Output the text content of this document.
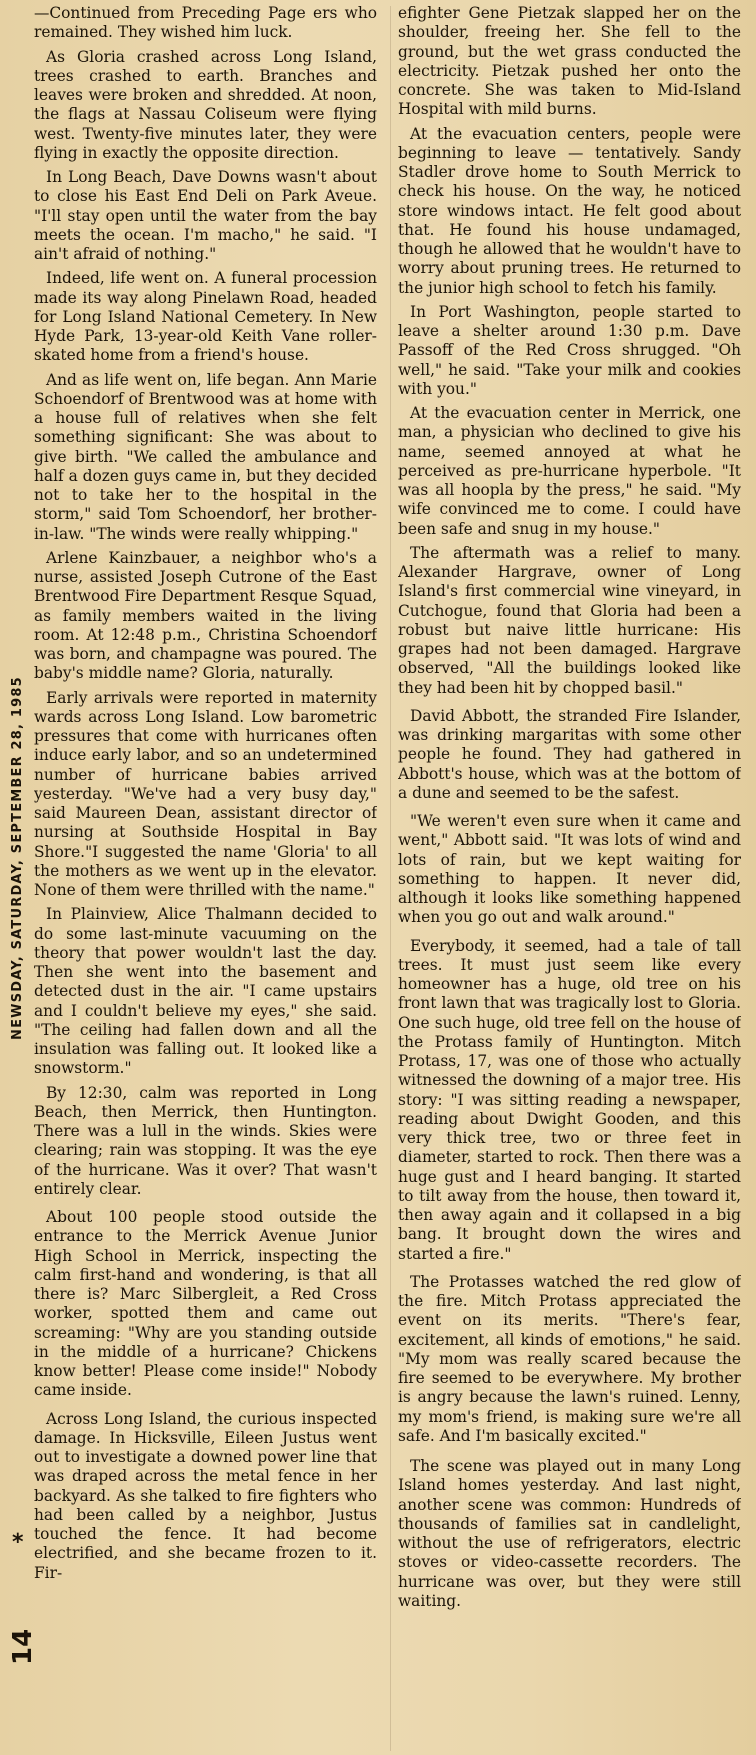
NEWSDAY, SATURDAY, SEPTEMBER 28, 1985
*
14

—Continued from Preceding Page ers who remained. They wished him luck.

As Gloria crashed across Long Island, trees crashed to earth. Branches and leaves were broken and shredded. At noon, the flags at Nassau Coliseum were flying west. Twenty-five minutes later, they were flying in exactly the opposite direction.

In Long Beach, Dave Downs wasn't about to close his East End Deli on Park Aveue. "I'll stay open until the water from the bay meets the ocean. I'm macho," he said. "I ain't afraid of nothing."

Indeed, life went on. A funeral procession made its way along Pinelawn Road, headed for Long Island National Cemetery. In New Hyde Park, 13-year-old Keith Vane roller-skated home from a friend's house.

And as life went on, life began. Ann Marie Schoendorf of Brentwood was at home with a house full of relatives when she felt something significant: She was about to give birth. "We called the ambulance and half a dozen guys came in, but they decided not to take her to the hospital in the storm," said Tom Schoendorf, her brother-in-law. "The winds were really whipping."

Arlene Kainzbauer, a neighbor who's a nurse, assisted Joseph Cutrone of the East Brentwood Fire Department Resque Squad, as family members waited in the living room. At 12:48 p.m., Christina Schoendorf was born, and champagne was poured. The baby's middle name? Gloria, naturally.

Early arrivals were reported in maternity wards across Long Island. Low barometric pressures that come with hurricanes often induce early labor, and so an undetermined number of hurricane babies arrived yesterday. "We've had a very busy day," said Maureen Dean, assistant director of nursing at Southside Hospital in Bay Shore."I suggested the name 'Gloria' to all the mothers as we went up in the elevator. None of them were thrilled with the name."

In Plainview, Alice Thalmann decided to do some last-minute vacuuming on the theory that power wouldn't last the day. Then she went into the basement and detected dust in the air. "I came upstairs and I couldn't believe my eyes," she said. "The ceiling had fallen down and all the insulation was falling out. It looked like a snowstorm."

By 12:30, calm was reported in Long Beach, then Merrick, then Huntington. There was a lull in the winds. Skies were clearing; rain was stopping. It was the eye of the hurricane. Was it over? That wasn't entirely clear.

About 100 people stood outside the entrance to the Merrick Avenue Junior High School in Merrick, inspecting the calm first-hand and wondering, is that all there is? Marc Silbergleit, a Red Cross worker, spotted them and came out screaming: "Why are you standing outside in the middle of a hurricane? Chickens know better! Please come inside!" Nobody came inside.

Across Long Island, the curious inspected damage. In Hicksville, Eileen Justus went out to investigate a downed power line that was draped across the metal fence in her backyard. As she talked to fire fighters who had been called by a neighbor, Justus touched the fence. It had become electrified, and she became frozen to it. Fir-

efighter Gene Pietzak slapped her on the shoulder, freeing her. She fell to the ground, but the wet grass conducted the electricity. Pietzak pushed her onto the concrete. She was taken to Mid-Island Hospital with mild burns.

At the evacuation centers, people were beginning to leave — tentatively. Sandy Stadler drove home to South Merrick to check his house. On the way, he noticed store windows intact. He felt good about that. He found his house undamaged, though he allowed that he wouldn't have to worry about pruning trees. He returned to the junior high school to fetch his family.

In Port Washington, people started to leave a shelter around 1:30 p.m. Dave Passoff of the Red Cross shrugged. "Oh well," he said. "Take your milk and cookies with you."

At the evacuation center in Merrick, one man, a physician who declined to give his name, seemed annoyed at what he perceived as pre-hurricane hyperbole. "It was all hoopla by the press," he said. "My wife convinced me to come. I could have been safe and snug in my house."

The aftermath was a relief to many. Alexander Hargrave, owner of Long Island's first commercial wine vineyard, in Cutchogue, found that Gloria had been a robust but naive little hurricane: His grapes had not been damaged. Hargrave observed, "All the buildings looked like they had been hit by chopped basil."

David Abbott, the stranded Fire Islander, was drinking margaritas with some other people he found. They had gathered in Abbott's house, which was at the bottom of a dune and seemed to be the safest.

"We weren't even sure when it came and went," Abbott said. "It was lots of wind and lots of rain, but we kept waiting for something to happen. It never did, although it looks like something happened when you go out and walk around."

Everybody, it seemed, had a tale of tall trees. It must just seem like every homeowner has a huge, old tree on his front lawn that was tragically lost to Gloria. One such huge, old tree fell on the house of the Protass family of Huntington. Mitch Protass, 17, was one of those who actually witnessed the downing of a major tree. His story: "I was sitting reading a newspaper, reading about Dwight Gooden, and this very thick tree, two or three feet in diameter, started to rock. Then there was a huge gust and I heard banging. It started to tilt away from the house, then toward it, then away again and it collapsed in a big bang. It brought down the wires and started a fire."

The Protasses watched the red glow of the fire. Mitch Protass appreciated the event on its merits. "There's fear, excitement, all kinds of emotions," he said. "My mom was really scared because the fire seemed to be everywhere. My brother is angry because the lawn's ruined. Lenny, my mom's friend, is making sure we're all safe. And I'm basically excited."

The scene was played out in many Long Island homes yesterday. And last night, another scene was common: Hundreds of thousands of families sat in candlelight, without the use of refrigerators, electric stoves or video-cassette recorders. The hurricane was over, but they were still waiting.
